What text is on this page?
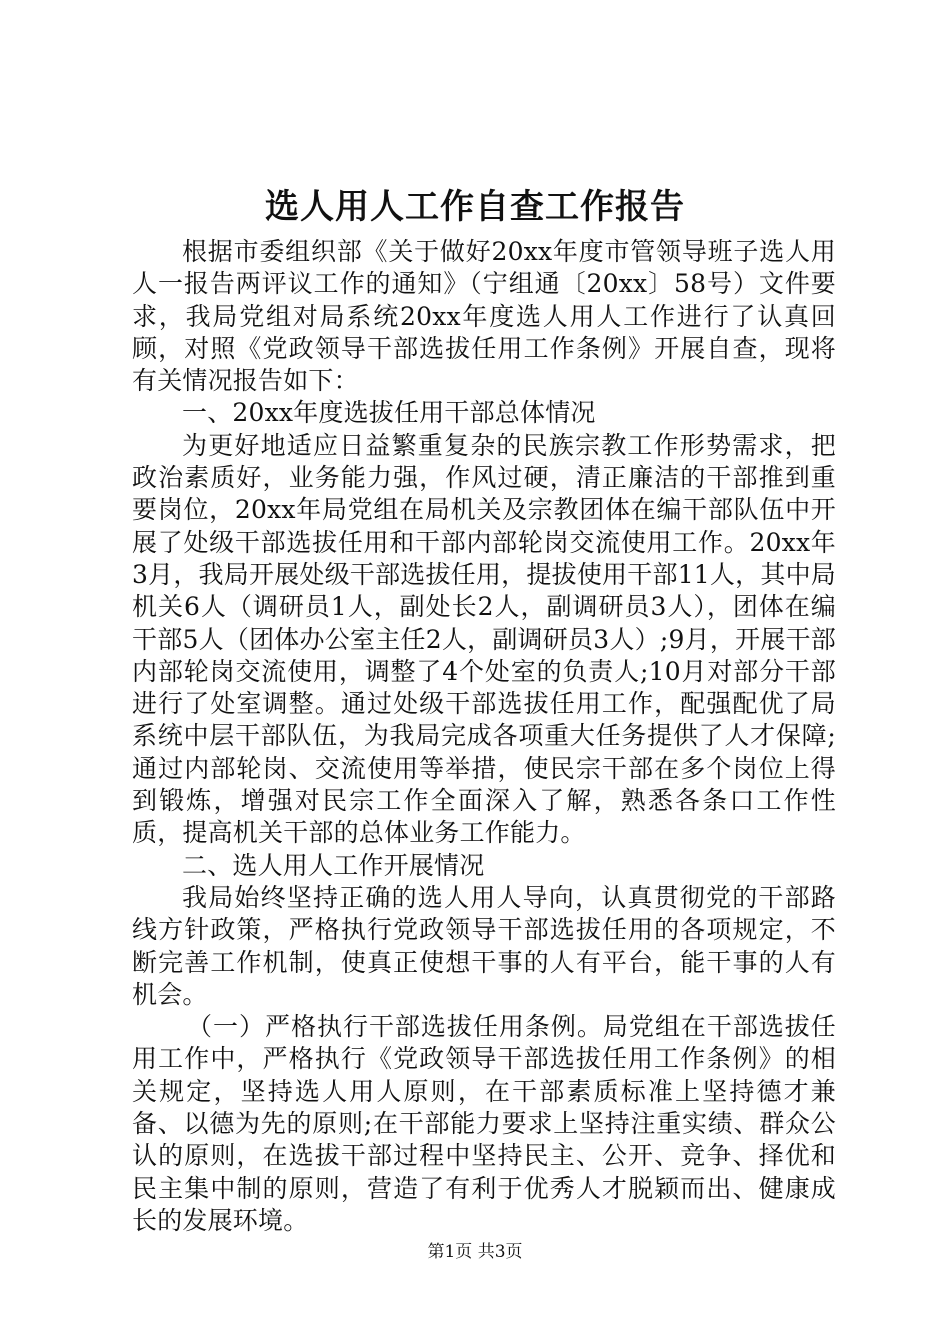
选人用人工作自查工作报告

根据市委组织部《关于做好20xx年度市管领导班子选人用人一报告两评议工作的通知》（宁组通〔20xx〕58号）文件要求，我局党组对局系统20xx年度选人用人工作进行了认真回顾，对照《党政领导干部选拔任用工作条例》开展自查，现将有关情况报告如下：

一、20xx年度选拔任用干部总体情况

为更好地适应日益繁重复杂的民族宗教工作形势需求，把政治素质好，业务能力强，作风过硬，清正廉洁的干部推到重要岗位，20xx年局党组在局机关及宗教团体在编干部队伍中开展了处级干部选拔任用和干部内部轮岗交流使用工作。20xx年3月，我局开展处级干部选拔任用，提拔使用干部11人，其中局机关6人（调研员1人，副处长2人，副调研员3人），团体在编干部5人（团体办公室主任2人，副调研员3人）;9月，开展干部内部轮岗交流使用，调整了4个处室的负责人;10月对部分干部进行了处室调整。通过处级干部选拔任用工作，配强配优了局系统中层干部队伍，为我局完成各项重大任务提供了人才保障;通过内部轮岗、交流使用等举措，使民宗干部在多个岗位上得到锻炼，增强对民宗工作全面深入了解，熟悉各条口工作性质，提高机关干部的总体业务工作能力。

二、选人用人工作开展情况

我局始终坚持正确的选人用人导向，认真贯彻党的干部路线方针政策，严格执行党政领导干部选拔任用的各项规定，不断完善工作机制，使真正使想干事的人有平台，能干事的人有机会。

（一）严格执行干部选拔任用条例。局党组在干部选拔任用工作中，严格执行《党政领导干部选拔任用工作条例》的相关规定，坚持选人用人原则，在干部素质标准上坚持德才兼备、以德为先的原则;在干部能力要求上坚持注重实绩、群众公认的原则，在选拔干部过程中坚持民主、公开、竞争、择优和民主集中制的原则，营造了有利于优秀人才脱颖而出、健康成长的发展环境。

第1页 共3页
